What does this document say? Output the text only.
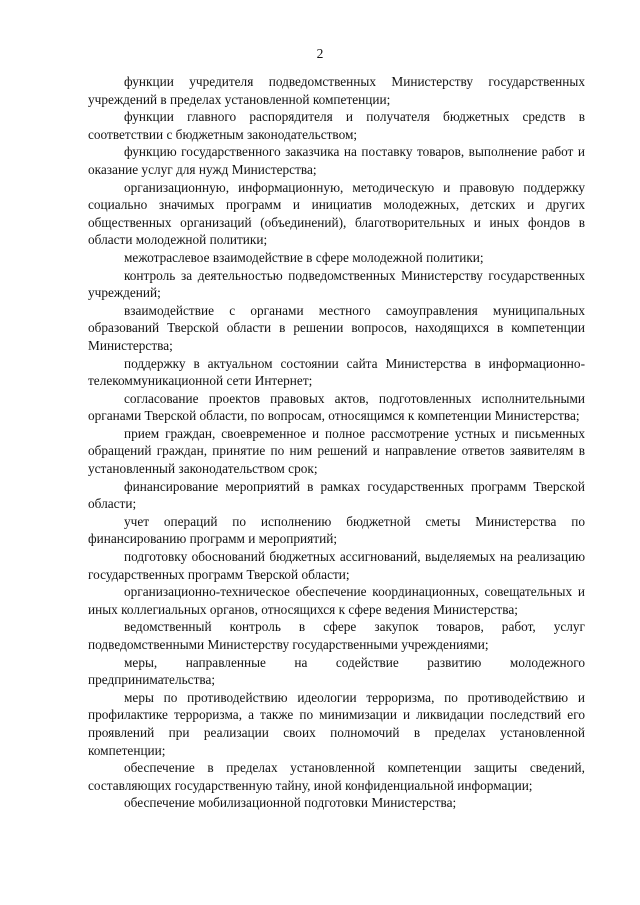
2

функции учредителя подведомственных Министерству государственных учреждений в пределах установленной компетенции;

функции главного распорядителя и получателя бюджетных средств в соответствии с бюджетным законодательством;

функцию государственного заказчика на поставку товаров, выполнение работ и оказание услуг для нужд Министерства;

организационную, информационную, методическую и правовую поддержку социально значимых программ и инициатив молодежных, детских и других общественных организаций (объединений), благотворительных и иных фондов в области молодежной политики;

межотраслевое взаимодействие в сфере молодежной политики;

контроль за деятельностью подведомственных Министерству государственных учреждений;

взаимодействие с органами местного самоуправления муниципальных образований Тверской области в решении вопросов, находящихся в компетенции Министерства;

поддержку в актуальном состоянии сайта Министерства в информационно-телекоммуникационной сети Интернет;

согласование проектов правовых актов, подготовленных исполнительными органами Тверской области, по вопросам, относящимся к компетенции Министерства;

прием граждан, своевременное и полное рассмотрение устных и письменных обращений граждан, принятие по ним решений и направление ответов заявителям в установленный законодательством срок;

финансирование мероприятий в рамках государственных программ Тверской области;

учет операций по исполнению бюджетной сметы Министерства по финансированию программ и мероприятий;

подготовку обоснований бюджетных ассигнований, выделяемых на реализацию государственных программ Тверской области;

организационно-техническое обеспечение координационных, совещательных и иных коллегиальных органов, относящихся к сфере ведения Министерства;

ведомственный контроль в сфере закупок товаров, работ, услуг подведомственными Министерству государственными учреждениями;

меры, направленные на содействие развитию молодежного предпринимательства;

меры по противодействию идеологии терроризма, по противодействию и профилактике терроризма, а также по минимизации и ликвидации последствий его проявлений при реализации своих полномочий в пределах установленной компетенции;

обеспечение в пределах установленной компетенции защиты сведений, составляющих государственную тайну, иной конфиденциальной информации;

обеспечение мобилизационной подготовки Министерства;
